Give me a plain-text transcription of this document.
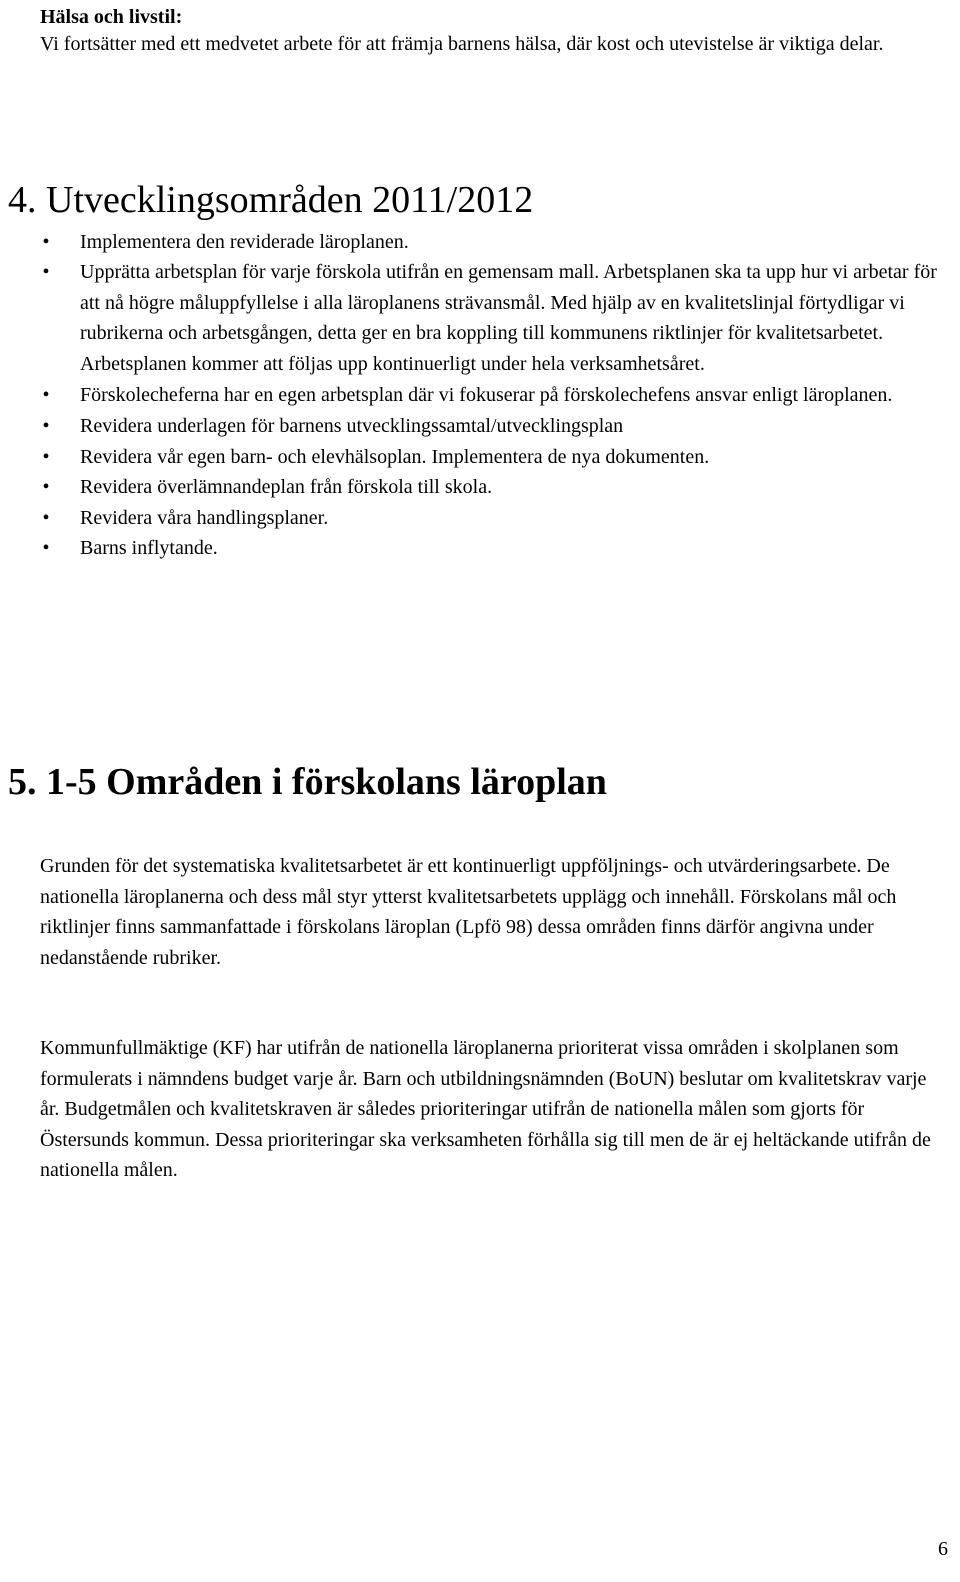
Hälsa och livstil:

Vi fortsätter med ett medvetet arbete för att främja barnens hälsa, där kost och utevistelse är viktiga delar.

4. Utvecklingsområden 2011/2012
• Implementera den reviderade läroplanen.
• Upprätta arbetsplan för varje förskola utifrån en gemensam mall. Arbetsplanen ska ta upp hur vi arbetar för att nå högre måluppfyllelse i alla läroplanens strävansmål. Med hjälp av en kvalitetslinjal förtydligar vi rubrikerna och arbetsgången, detta ger en bra koppling till kommunens riktlinjer för kvalitetsarbetet. Arbetsplanen kommer att följas upp kontinuerligt under hela verksamhetsåret.
• Förskolecheferna har en egen arbetsplan där vi fokuserar på förskolechefens ansvar enligt läroplanen.
• Revidera underlagen för barnens utvecklingssamtal/utvecklingsplan
• Revidera vår egen barn- och elevhälsoplan. Implementera de nya dokumenten.
• Revidera överlämnandeplan från förskola till skola.
• Revidera våra handlingsplaner.
• Barns inflytande.
5. 1-5 Områden i förskolans läroplan

Grunden för det systematiska kvalitetsarbetet är ett kontinuerligt uppföljnings- och utvärderingsarbete. De nationella läroplanerna och dess mål styr ytterst kvalitetsarbetets upplägg och innehåll. Förskolans mål och riktlinjer finns sammanfattade i förskolans läroplan (Lpfö 98) dessa områden finns därför angivna under nedanstående rubriker.

Kommunfullmäktige (KF) har utifrån de nationella läroplanerna prioriterat vissa områden i skolplanen som formulerats i nämndens budget varje år. Barn och utbildningsnämnden (BoUN) beslutar om kvalitetskrav varje år. Budgetmålen och kvalitetskraven är således prioriteringar utifrån de nationella målen som gjorts för Östersunds kommun. Dessa prioriteringar ska verksamheten förhålla sig till men de är ej heltäckande utifrån de nationella målen.

6
